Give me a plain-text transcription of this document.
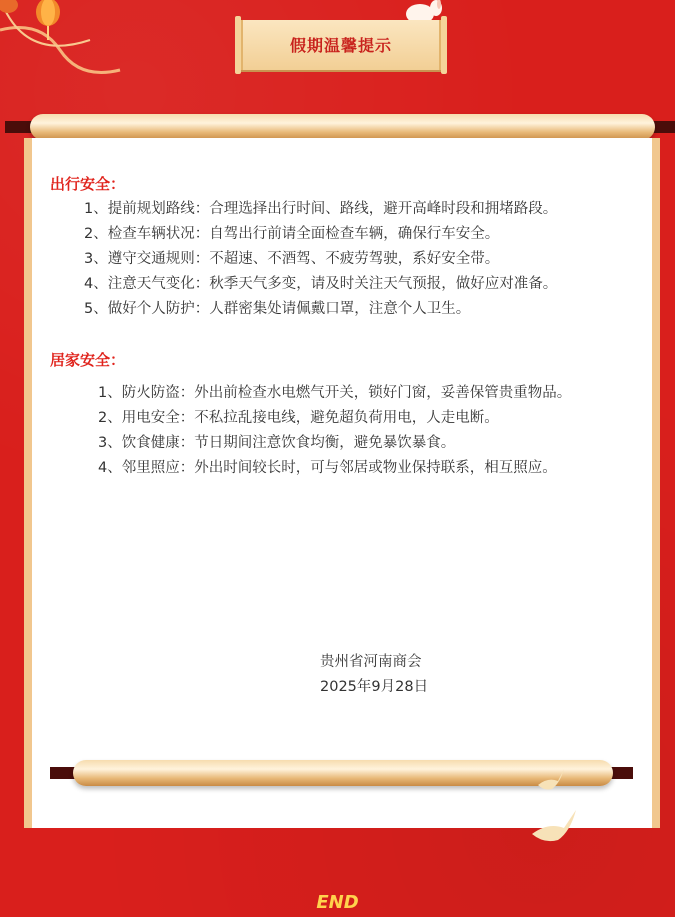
假期温馨提示
出行安全：

1、提前规划路线：合理选择出行时间、路线，避开高峰时段和拥堵路段。

2、检查车辆状况：自驾出行前请全面检查车辆，确保行车安全。

3、遵守交通规则：不超速、不酒驾、不疲劳驾驶，系好安全带。

4、注意天气变化：秋季天气多变，请及时关注天气预报，做好应对准备。

5、做好个人防护：人群密集处请佩戴口罩，注意个人卫生。

居家安全：

1、防火防盗：外出前检查水电燃气开关，锁好门窗，妥善保管贵重物品。

2、用电安全：不私拉乱接电线，避免超负荷用电，人走电断。

3、饮食健康：节日期间注意饮食均衡，避免暴饮暴食。

4、邻里照应：外出时间较长时，可与邻居或物业保持联系，相互照应。

贵州省河南商会
2025年9月28日
END
